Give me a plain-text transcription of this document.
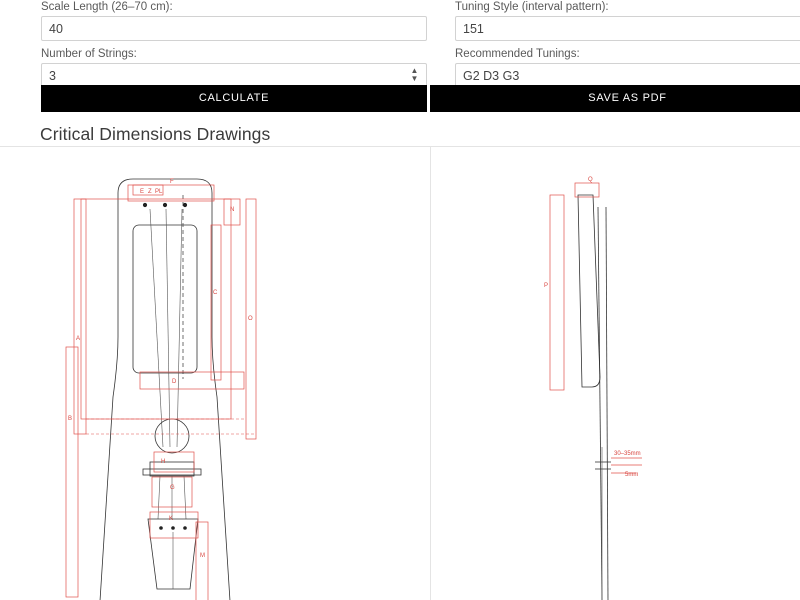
Scale Length (26–70 cm):
40
Number of Strings:
3
▲
▼
Tuning Style (interval pattern):
151
Recommended Tunings:
G2 D3 G3
CALCULATE	SAVE AS PDF
Critical Dimensions Drawings
F
E Z PL
N
C
O
A
D
B
H
G
K
M
Q
P
30–35mm
5mm
